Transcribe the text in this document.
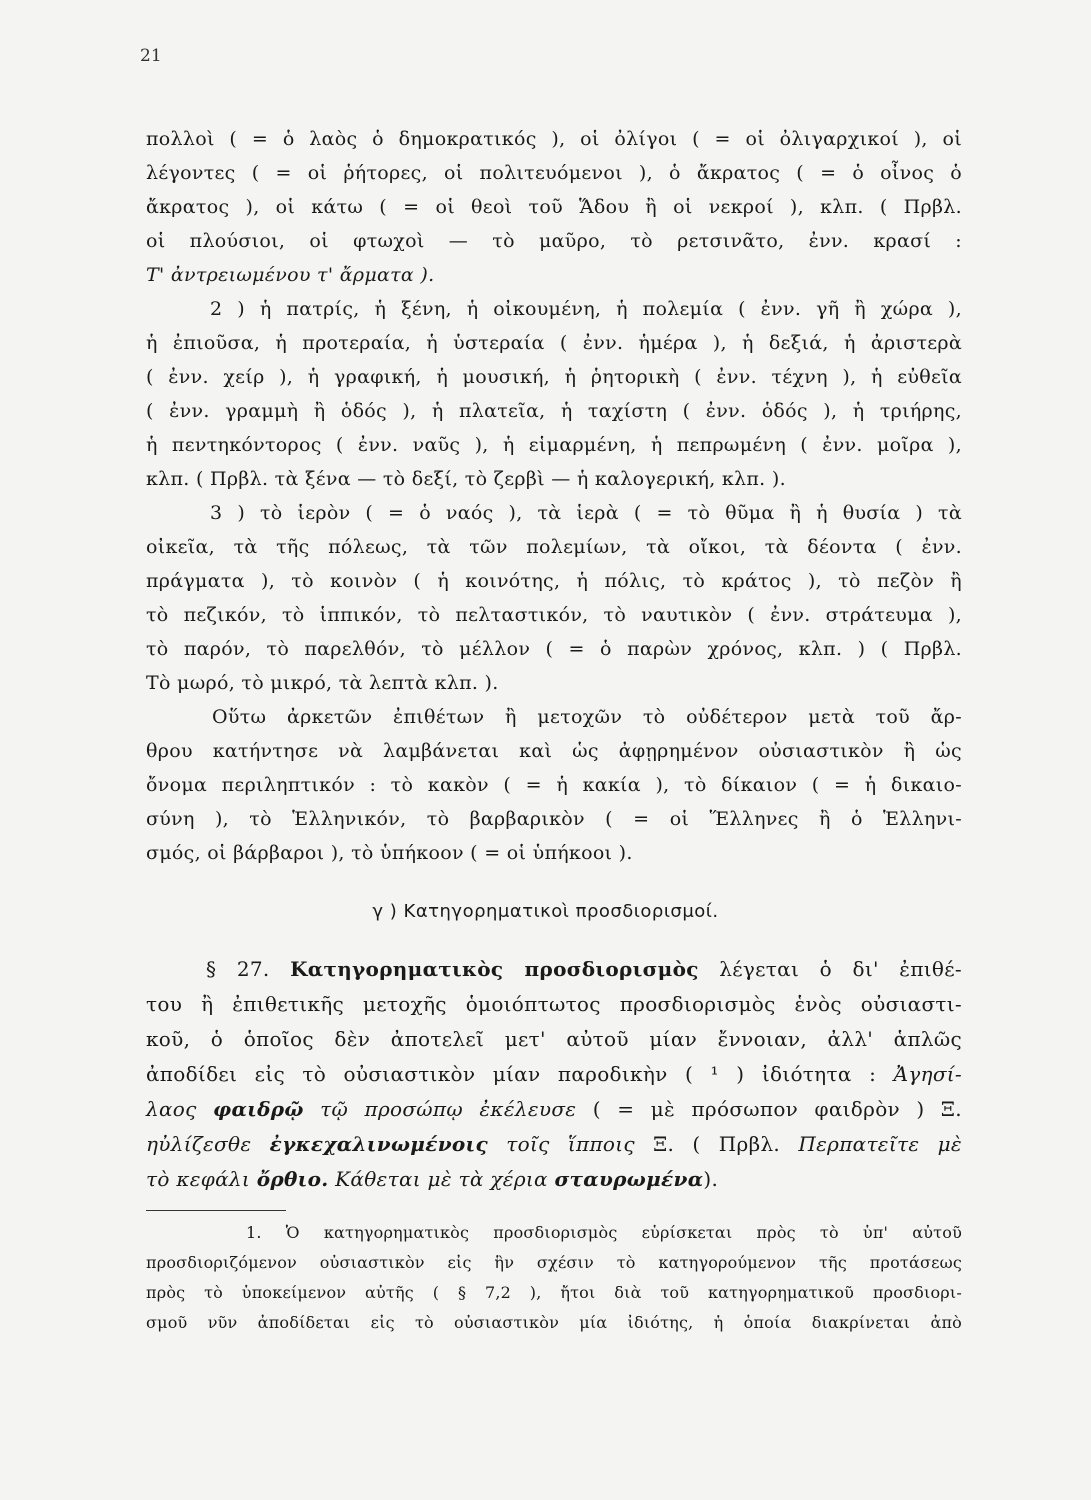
21
πολλοὶ ( = ὁ λαὸς ὁ δημοκρατικός ), οἱ ὀλίγοι ( = οἱ ὀλιγαρχικοί ), οἱ
λέγοντες ( = οἱ ῥήτορες, οἱ πολιτευόμενοι ), ὁ ἄκρατος ( = ὁ οἶνος ὁ
ἄκρατος ), οἱ κάτω ( = οἱ θεοὶ τοῦ Ἅδου ἢ οἱ νεκροί ), κλπ. ( Πρβλ.
οἱ πλούσιοι, οἱ φτωχοὶ — τὸ μαῦρο, τὸ ρετσινᾶτο, ἐνν. κρασί :
Τ' ἀντρειωμένου τ' ἄρματα ).
2 ) ἡ πατρίς, ἡ ξένη, ἡ οἰκουμένη, ἡ πολεμία ( ἐνν. γῆ ἢ χώρα ),
ἡ ἐπιοῦσα, ἡ προτεραία, ἡ ὑστεραία ( ἐνν. ἡμέρα ), ἡ δεξιά, ἡ ἀριστερὰ
( ἐνν. χείρ ), ἡ γραφική, ἡ μουσική, ἡ ῥητορικὴ ( ἐνν. τέχνη ), ἡ εὐθεῖα
( ἐνν. γραμμὴ ἢ ὁδός ), ἡ πλατεῖα, ἡ ταχίστη ( ἐνν. ὁδός ), ἡ τριήρης,
ἡ πεντηκόντορος ( ἐνν. ναῦς ), ἡ εἱμαρμένη, ἡ πεπρωμένη ( ἐνν. μοῖρα ),
κλπ. ( Πρβλ. τὰ ξένα — τὸ δεξί, τὸ ζερβὶ — ἡ καλογερική, κλπ. ).
3 ) τὸ ἱερὸν ( = ὁ ναός ), τὰ ἱερὰ ( = τὸ θῦμα ἢ ἡ θυσία ) τὰ
οἰκεῖα, τὰ τῆς πόλεως, τὰ τῶν πολεμίων, τὰ οἴκοι, τὰ δέοντα ( ἐνν.
πράγματα ), τὸ κοινὸν ( ἡ κοινότης, ἡ πόλις, τὸ κράτος ), τὸ πεζὸν ἢ
τὸ πεζικόν, τὸ ἱππικόν, τὸ πελταστικόν, τὸ ναυτικὸν ( ἐνν. στράτευμα ),
τὸ παρόν, τὸ παρελθόν, τὸ μέλλον ( = ὁ παρὼν χρόνος, κλπ. ) ( Πρβλ.
Τὸ μωρό, τὸ μικρό, τὰ λεπτὰ κλπ. ).
Οὕτω ἀρκετῶν ἐπιθέτων ἢ μετοχῶν τὸ οὐδέτερον μετὰ τοῦ ἄρ-
θρου κατήντησε νὰ λαμβάνεται καὶ ὡς ἀφῃρημένον οὐσιαστικὸν ἢ ὡς
ὄνομα περιληπτικόν : τὸ κακὸν ( = ἡ κακία ), τὸ δίκαιον ( = ἡ δικαιο-
σύνη ), τὸ Ἑλληνικόν, τὸ βαρβαρικὸν ( = οἱ Ἕλληνες ἢ ὁ Ἑλληνι-
σμός, οἱ βάρβαροι ), τὸ ὑπήκοον ( = οἱ ὑπήκοοι ).
γ ) Κατηγορηματικοὶ προσδιορισμοί.
§ 27. Κατηγορηματικὸς προσδιορισμὸς λέγεται ὁ δι' ἐπιθέ-
του ἢ ἐπιθετικῆς μετοχῆς ὁμοιόπτωτος προσδιορισμὸς ἑνὸς οὐσιαστι-
κοῦ, ὁ ὁποῖος δὲν ἀποτελεῖ μετ' αὐτοῦ μίαν ἔννοιαν, ἀλλ' ἁπλῶς
ἀποδίδει εἰς τὸ οὐσιαστικὸν μίαν παροδικὴν ( ¹ ) ἰδιότητα : Ἀγησί-
λαος φαιδρῷ τῷ προσώπῳ ἐκέλευσε ( = μὲ πρόσωπον φαιδρὸν ) Ξ.
ηὐλίζεσθε ἐγκεχαλινωμένοις τοῖς ἵπποις Ξ. ( Πρβλ. Περπατεῖτε μὲ
τὸ κεφάλι ὄρθιο. Κάθεται μὲ τὰ χέρια σταυρωμένα).
1. Ὁ κατηγορηματικὸς προσδιορισμὸς εὑρίσκεται πρὸς τὸ ὑπ' αὐτοῦ
προσδιοριζόμενον οὐσιαστικὸν εἰς ἣν σχέσιν τὸ κατηγορούμενον τῆς προτάσεως
πρὸς τὸ ὑποκείμενον αὐτῆς ( § 7,2 ), ἤτοι διὰ τοῦ κατηγορηματικοῦ προσδιορι-
σμοῦ νῦν ἀποδίδεται εἰς τὸ οὐσιαστικὸν μία ἰδιότης, ἡ ὁποία διακρίνεται ἀπὸ
